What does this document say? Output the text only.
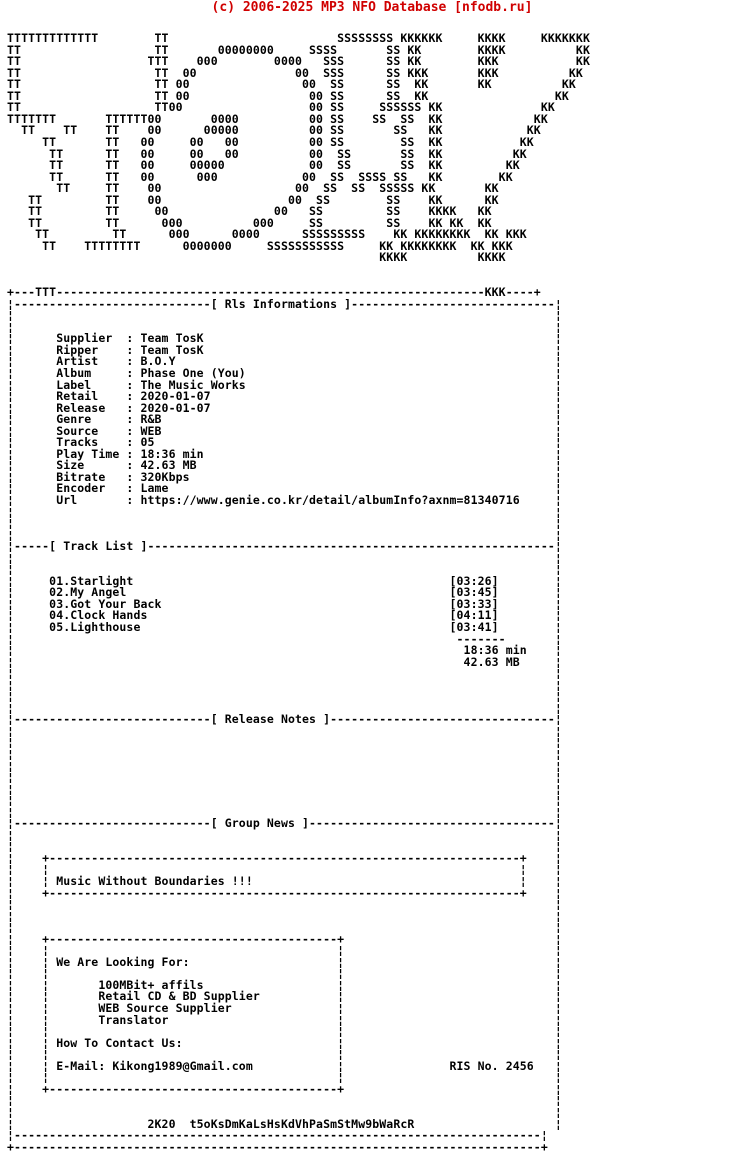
(c) 2006-2025 MP3 NFO Database [nfodb.ru]

TTTTTTTTTTTTT        TT                        SSSSSSSS KKKKKK     KKKK     KKKKKKK
TT                   TT       00000000     SSSS       SS KK        KKKK          KK
TT                  TTT    000        0000   SSS      SS KK        KKK           KK
TT                   TT  00              00  SSS      SS KKK       KKK          KK
TT                   TT 00                00  SS      SS  KK       KK          KK
TT                   TT 00                 00 SS      SS  KK                  KK
TT                   TT00                  00 SS     SSSSSS KK              KK
TTTTTTT       TTTTTT00       0000          00 SS    SS  SS  KK             KK
TT    TT    TT    00      00000          00 SS       SS   KK            KK
TT       TT   00     00   00          00 SS        SS  KK           KK
TT      TT   00     00   00          00  SS       SS  KK          KK
TT      TT   00     00000            00  SS       SS  KK         KK
TT      TT   00      000            00  SS  SSSS SS   KK        KK
TT     TT    00                   00  SS  SS  SSSSS KK       KK
TT         TT    00                  00  SS        SS    KK      KK
TT         TT     00               00   SS         SS    KKKK   KK
TT         TT      000          000     SS         SS    KK KK  KK
TT         TT      000      0000      SSSSSSSSS    KK KKKKKKKK  KK KKK
TT    TTTTTTTT      0000000     SSSSSSSSSSS     KK KKKKKKKK  KK KKK
KKKK          KKKK

+---TTT-------------------------------------------------------------KKK----+
¦----------------------------[ Rls Informations ]-----------------------------¦
¦                                                                             ¦
¦                                                                             ¦
¦      Supplier  : Team TosK                                                  ¦
¦      Ripper    : Team TosK                                                  ¦
¦      Artist    : B.O.Y                                                      ¦
¦      Album     : Phase One (You)                                            ¦
¦      Label     : The Music Works                                            ¦
¦      Retail    : 2020-01-07                                                 ¦
¦      Release   : 2020-01-07                                                 ¦
¦      Genre     : R&B                                                        ¦
¦      Source    : WEB                                                        ¦
¦      Tracks    : 05                                                         ¦
¦      Play Time : 18:36 min                                                  ¦
¦      Size      : 42.63 MB                                                   ¦
¦      Bitrate   : 320Kbps                                                    ¦
¦      Encoder   : Lame                                                       ¦
¦      Url       : https://www.genie.co.kr/detail/albumInfo?axnm=81340716     ¦
¦                                                                             ¦
¦                                                                             ¦
¦                                                                             ¦
¦-----[ Track List ]----------------------------------------------------------¦
¦                                                                             ¦
¦                                                                             ¦
¦     01.Starlight                                             [03:26]        ¦
¦     02.My Angel                                              [03:45]        ¦
¦     03.Got Your Back                                         [03:33]        ¦
¦     04.Clock Hands                                           [04:11]        ¦
¦     05.Lighthouse                                            [03:41]        ¦
¦                                                               -------       ¦
¦                                                                18:36 min    ¦
¦                                                                42.63 MB     ¦
¦                                                                             ¦
¦                                                                             ¦
¦                                                                             ¦
¦                                                                             ¦
¦----------------------------[ Release Notes ]--------------------------------¦
¦                                                                             ¦
¦                                                                             ¦
¦                                                                             ¦
¦                                                                             ¦
¦                                                                             ¦
¦                                                                             ¦
¦                                                                             ¦
¦                                                                             ¦
¦----------------------------[ Group News ]-----------------------------------¦
¦                                                                             ¦
¦                                                                             ¦
¦    +-------------------------------------------------------------------+    ¦
¦    ¦                                                                   ¦    ¦
¦    ¦ Music Without Boundaries !!!                                      ¦    ¦
¦    +-------------------------------------------------------------------+    ¦
¦                                                                             ¦
¦                                                                             ¦
¦                                                                             ¦
¦    +-----------------------------------------+                              ¦
¦    ¦                                         ¦                              ¦
¦    ¦ We Are Looking For:                     ¦                              ¦
¦    ¦                                         ¦                              ¦
¦    ¦       100MBit+ affils                   ¦                              ¦
¦    ¦       Retail CD & BD Supplier           ¦                              ¦
¦    ¦       WEB Source Supplier               ¦                              ¦
¦    ¦       Translator                        ¦                              ¦
¦    ¦                                         ¦                              ¦
¦    ¦ How To Contact Us:                      ¦                              ¦
¦    ¦                                         ¦                              ¦
¦    ¦ E-Mail: Kikong1989@Gmail.com            ¦               RIS No. 2456   ¦
¦    ¦                                         ¦                              ¦
¦    +-----------------------------------------+                              ¦
¦                                                                             ¦
¦                                                                             ¦
¦                   2K20  t5oKsDmKaLsHsKdVhPaSmStMw9bWaRcR                    ¦
¦---------------------------------------------------------------------------¦
+---------------------------------------------------------------------------+
